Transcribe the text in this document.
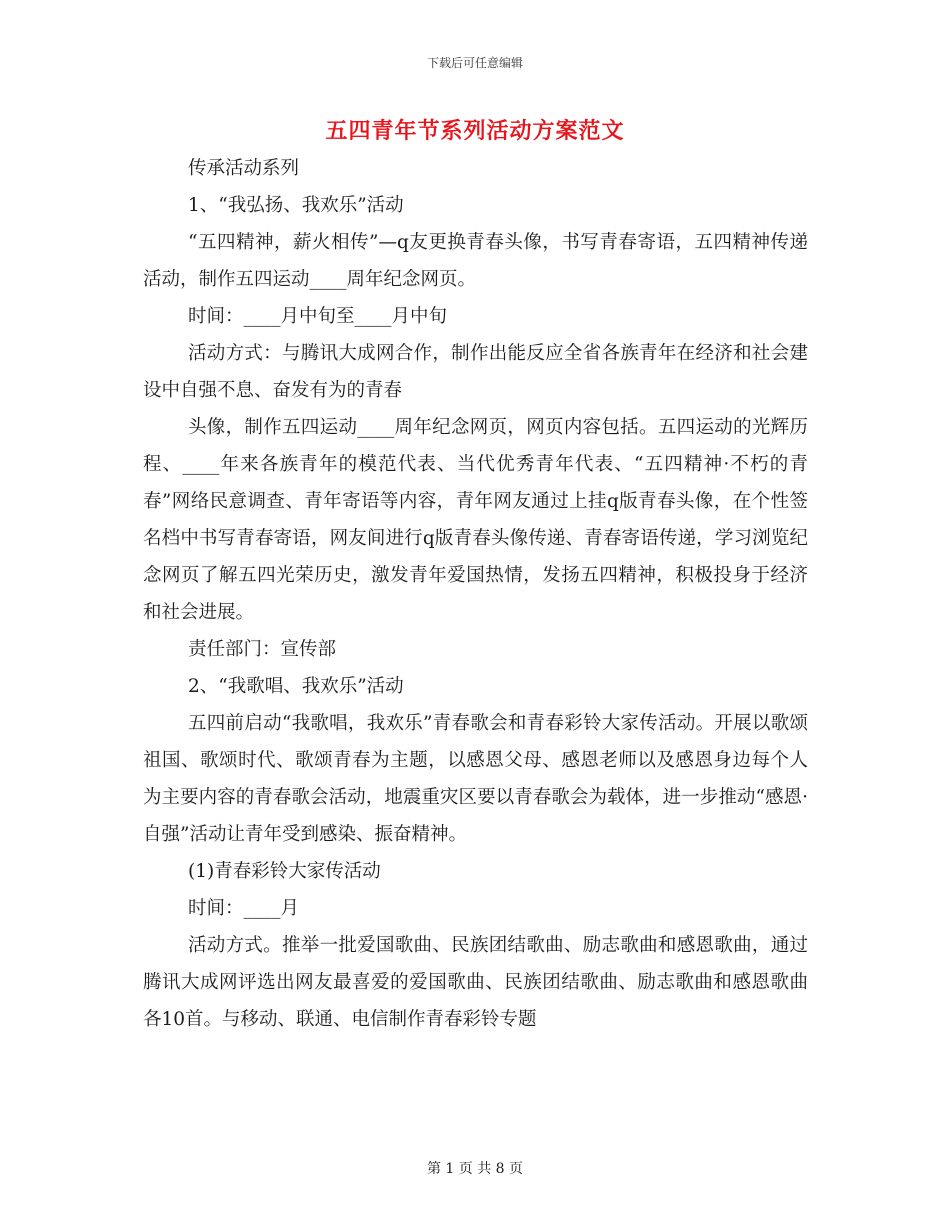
下载后可任意编辑
五四青年节系列活动方案范文

传承活动系列

1、“我弘扬、我欢乐”活动

“五四精神，薪火相传”—q友更换青春头像，书写青春寄语，五四精神传递活动，制作五四运动____周年纪念网页。

时间：____月中旬至____月中旬

活动方式：与腾讯大成网合作，制作出能反应全省各族青年在经济和社会建设中自强不息、奋发有为的青春

头像，制作五四运动____周年纪念网页，网页内容包括。五四运动的光辉历程、____年来各族青年的模范代表、当代优秀青年代表、“五四精神·不朽的青春”网络民意调查、青年寄语等内容，青年网友通过上挂q版青春头像，在个性签名档中书写青春寄语，网友间进行q版青春头像传递、青春寄语传递，学习浏览纪念网页了解五四光荣历史，激发青年爱国热情，发扬五四精神，积极投身于经济和社会进展。

责任部门：宣传部

2、“我歌唱、我欢乐”活动

五四前启动“我歌唱，我欢乐”青春歌会和青春彩铃大家传活动。开展以歌颂祖国、歌颂时代、歌颂青春为主题，以感恩父母、感恩老师以及感恩身边每个人为主要内容的青春歌会活动，地震重灾区要以青春歌会为载体，进一步推动“感恩·自强”活动让青年受到感染、振奋精神。

(1)青春彩铃大家传活动

时间：____月

活动方式。推举一批爱国歌曲、民族团结歌曲、励志歌曲和感恩歌曲，通过腾讯大成网评选出网友最喜爱的爱国歌曲、民族团结歌曲、励志歌曲和感恩歌曲各10首。与移动、联通、电信制作青春彩铃专题

第 1 页 共 8 页
